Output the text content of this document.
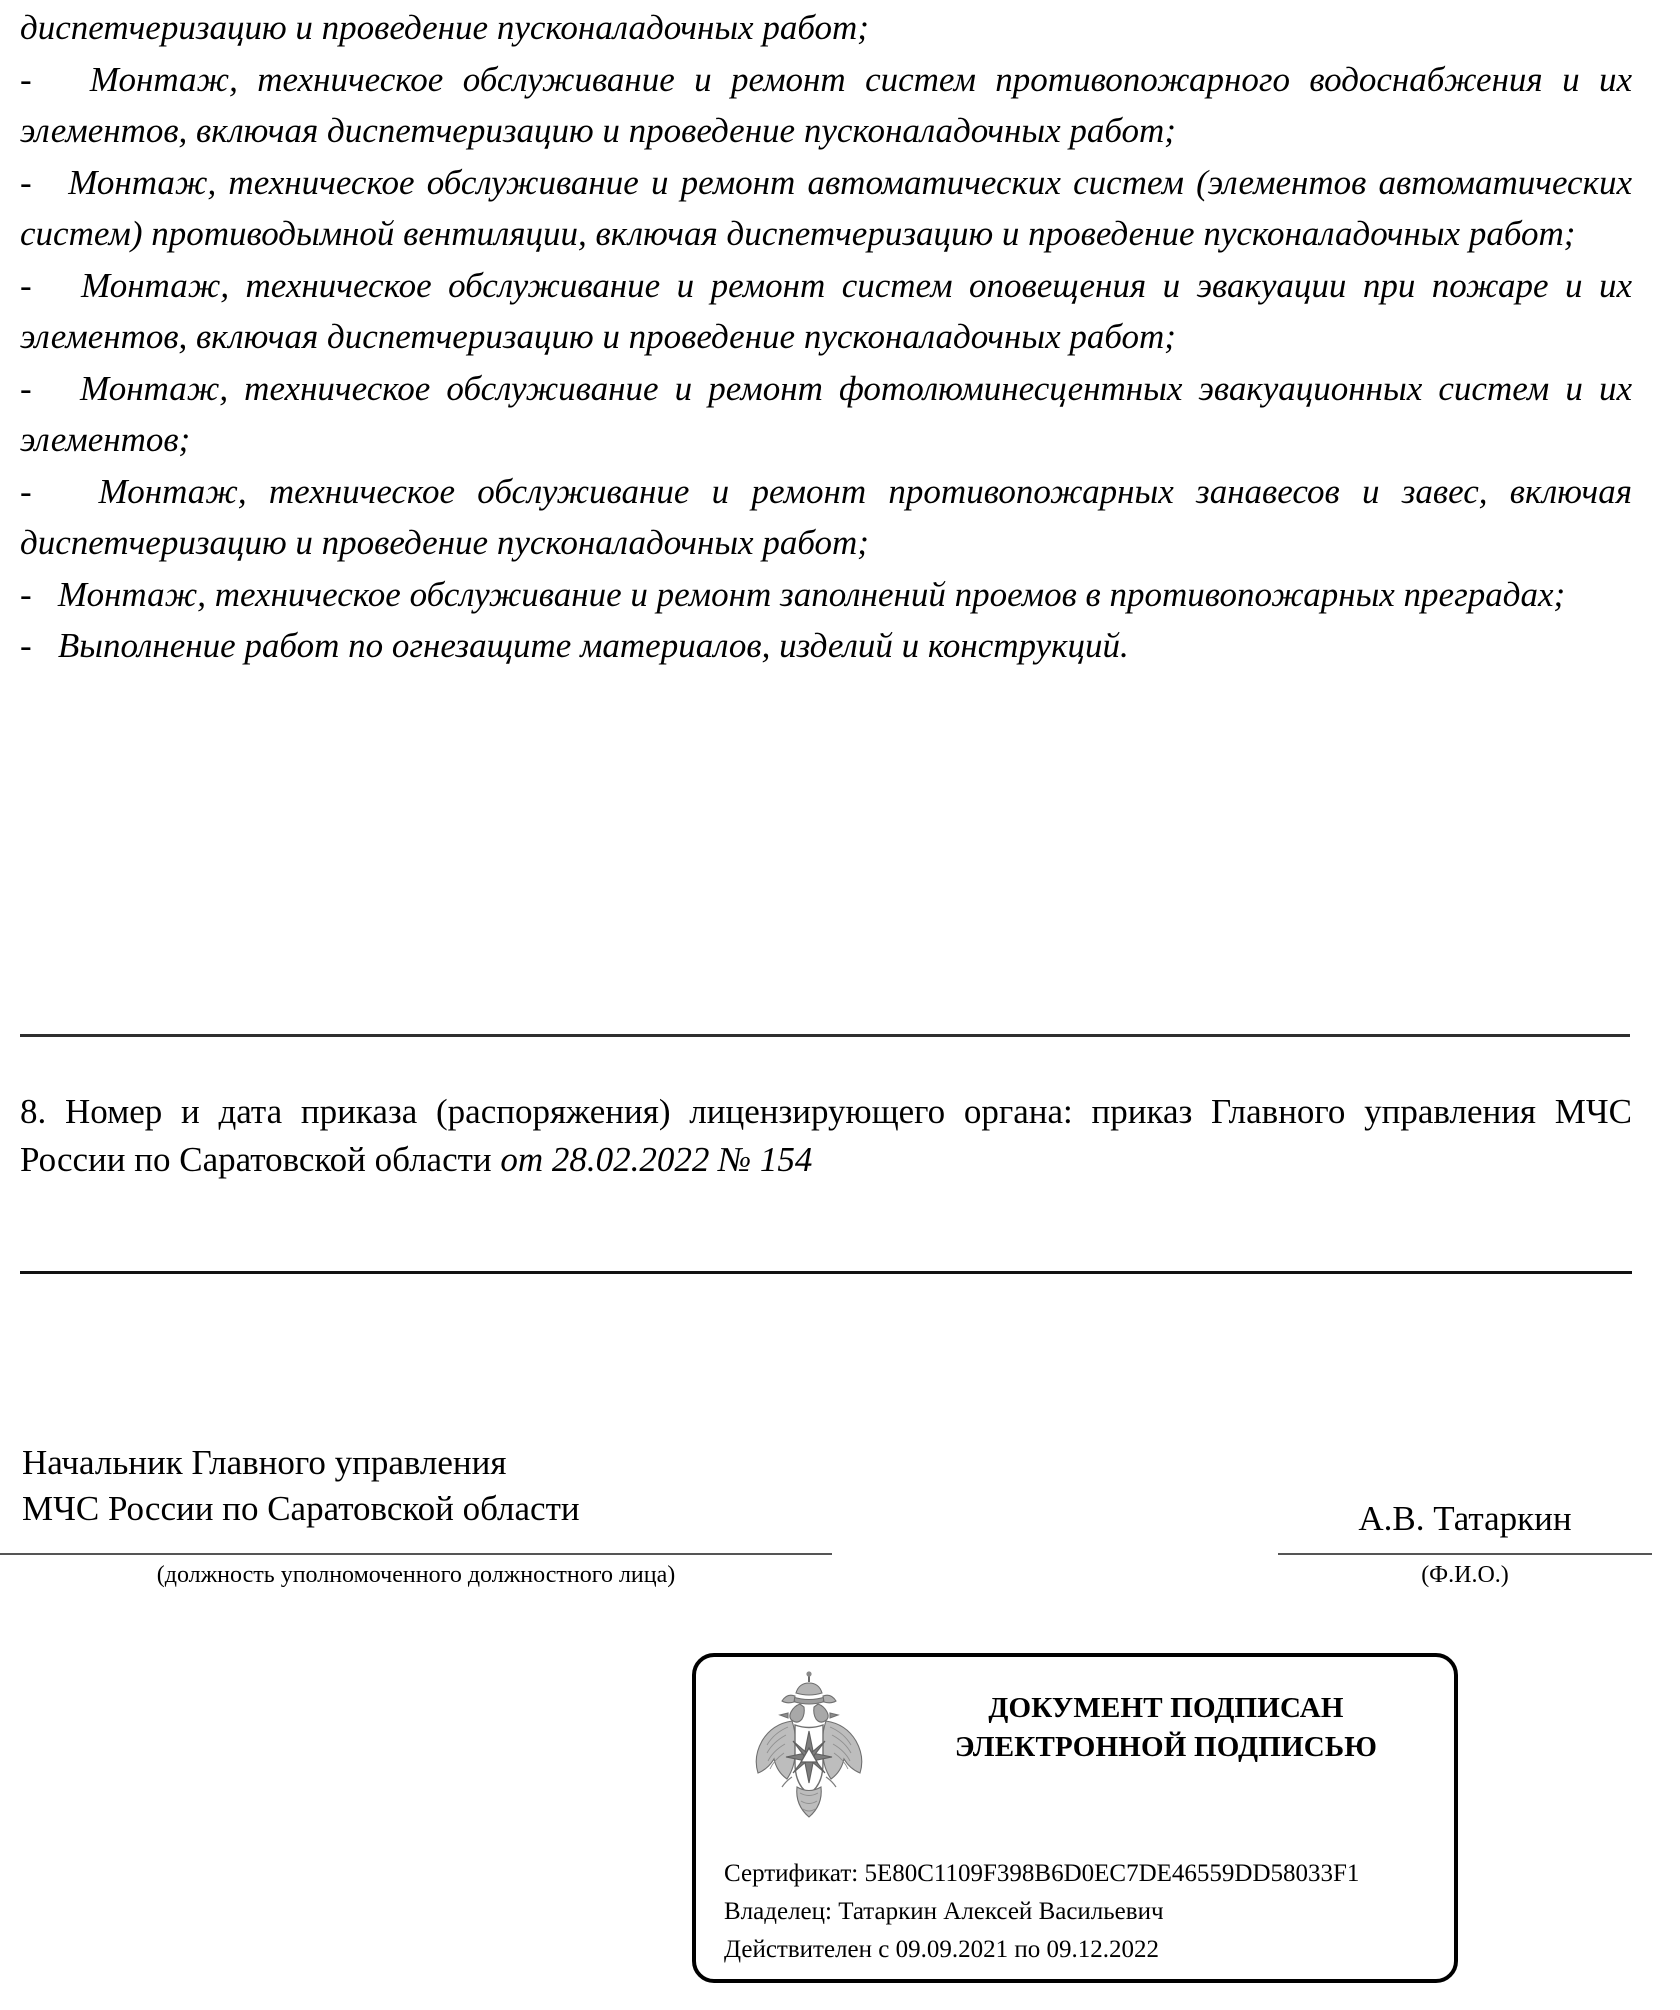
диспетчеризацию и проведение пусконаладочных работ;

- Монтаж, техническое обслуживание и ремонт систем противопожарного водоснабжения и их элементов, включая диспетчеризацию и проведение пусконаладочных работ;

- Монтаж, техническое обслуживание и ремонт автоматических систем (элементов автоматических систем) противодымной вентиляции, включая диспетчеризацию и проведение пусконаладочных работ;

- Монтаж, техническое обслуживание и ремонт систем оповещения и эвакуации при пожаре и их элементов, включая диспетчеризацию и проведение пусконаладочных работ;

- Монтаж, техническое обслуживание и ремонт фотолюминесцентных эвакуационных систем и их элементов;

- Монтаж, техническое обслуживание и ремонт противопожарных занавесов и завес, включая диспетчеризацию и проведение пусконаладочных работ;

- Монтаж, техническое обслуживание и ремонт заполнений проемов в противопожарных преградах;

- Выполнение работ по огнезащите материалов, изделий и конструкций.

8. Номер и дата приказа (распоряжения) лицензирующего органа: приказ Главного управления МЧС России по Саратовской области от 28.02.2022 № 154
Начальник Главного управления
МЧС России по Саратовской области
(должность уполномоченного должностного лица)
А.В. Татаркин
(Ф.И.О.)
ДОКУМЕНТ ПОДПИСАН
ЭЛЕКТРОННОЙ ПОДПИСЬЮ
Сертификат: 5E80C1109F398B6D0EC7DE46559DD58033F1
Владелец: Татаркин Алексей Васильевич
Действителен с 09.09.2021 по 09.12.2022
